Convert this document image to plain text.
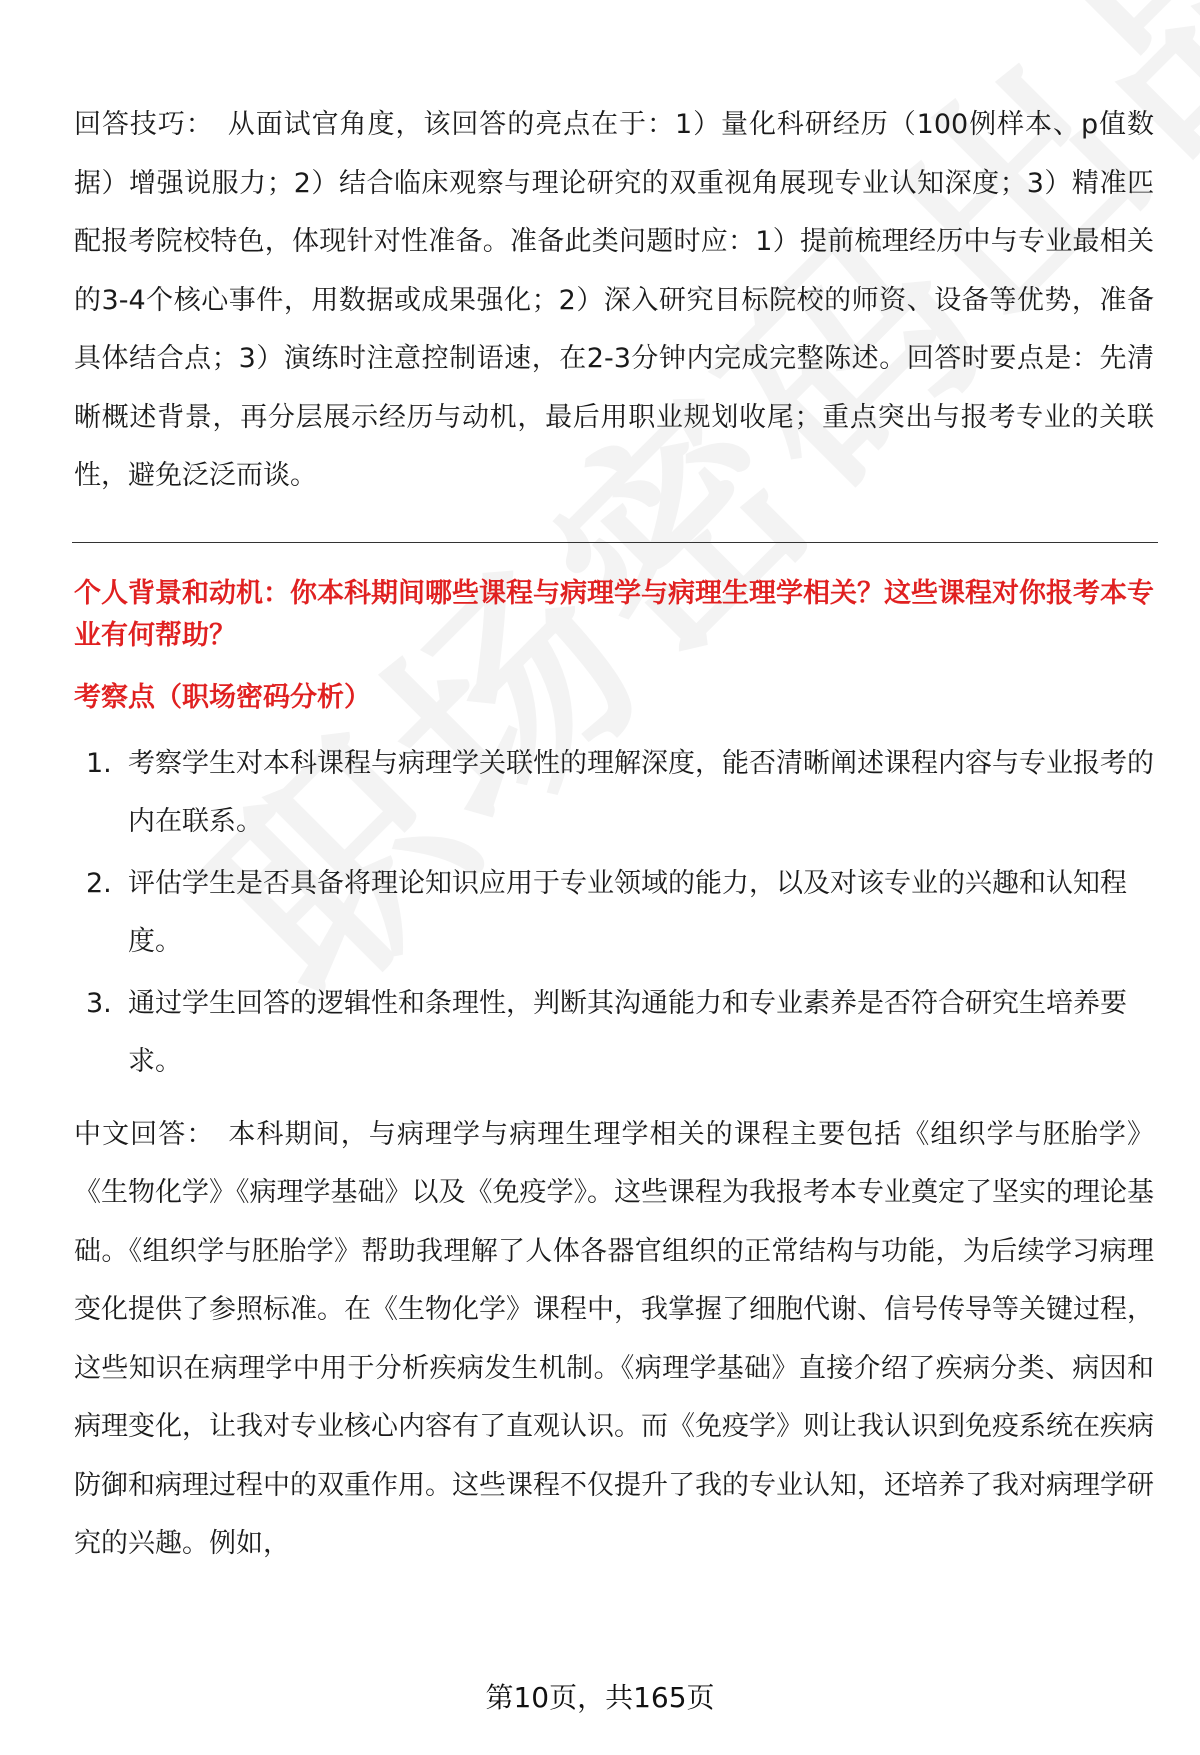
回答技巧： 从面试官角度，该回答的亮点在于：1）量化科研经历（100例样本、p值数据）增强说服力；2）结合临床观察与理论研究的双重视角展现专业认知深度；3）精准匹配报考院校特色，体现针对性准备。准备此类问题时应：1）提前梳理经历中与专业最相关的3-4个核心事件，用数据或成果强化；2）深入研究目标院校的师资、设备等优势，准备具体结合点；3）演练时注意控制语速，在2-3分钟内完成完整陈述。回答时要点是：先清晰概述背景，再分层展示经历与动机，最后用职业规划收尾；重点突出与报考专业的关联性，避免泛泛而谈。

个人背景和动机：你本科期间哪些课程与病理学与病理生理学相关？这些课程对你报考本专业有何帮助？

考察点（职场密码分析）

1. 考察学生对本科课程与病理学关联性的理解深度，能否清晰阐述课程内容与专业报考的内在联系。
2. 评估学生是否具备将理论知识应用于专业领域的能力，以及对该专业的兴趣和认知程度。
3. 通过学生回答的逻辑性和条理性，判断其沟通能力和专业素养是否符合研究生培养要求。

中文回答： 本科期间，与病理学与病理生理学相关的课程主要包括《组织学与胚胎学》《生物化学》《病理学基础》以及《免疫学》。这些课程为我报考本专业奠定了坚实的理论基础。《组织学与胚胎学》帮助我理解了人体各器官组织的正常结构与功能，为后续学习病理变化提供了参照标准。在《生物化学》课程中，我掌握了细胞代谢、信号传导等关键过程，这些知识在病理学中用于分析疾病发生机制。《病理学基础》直接介绍了疾病分类、病因和病理变化，让我对专业核心内容有了直观认识。而《免疫学》则让我认识到免疫系统在疾病防御和病理过程中的双重作用。这些课程不仅提升了我的专业认知，还培养了我对病理学研究的兴趣。例如，

第10页，共165页
